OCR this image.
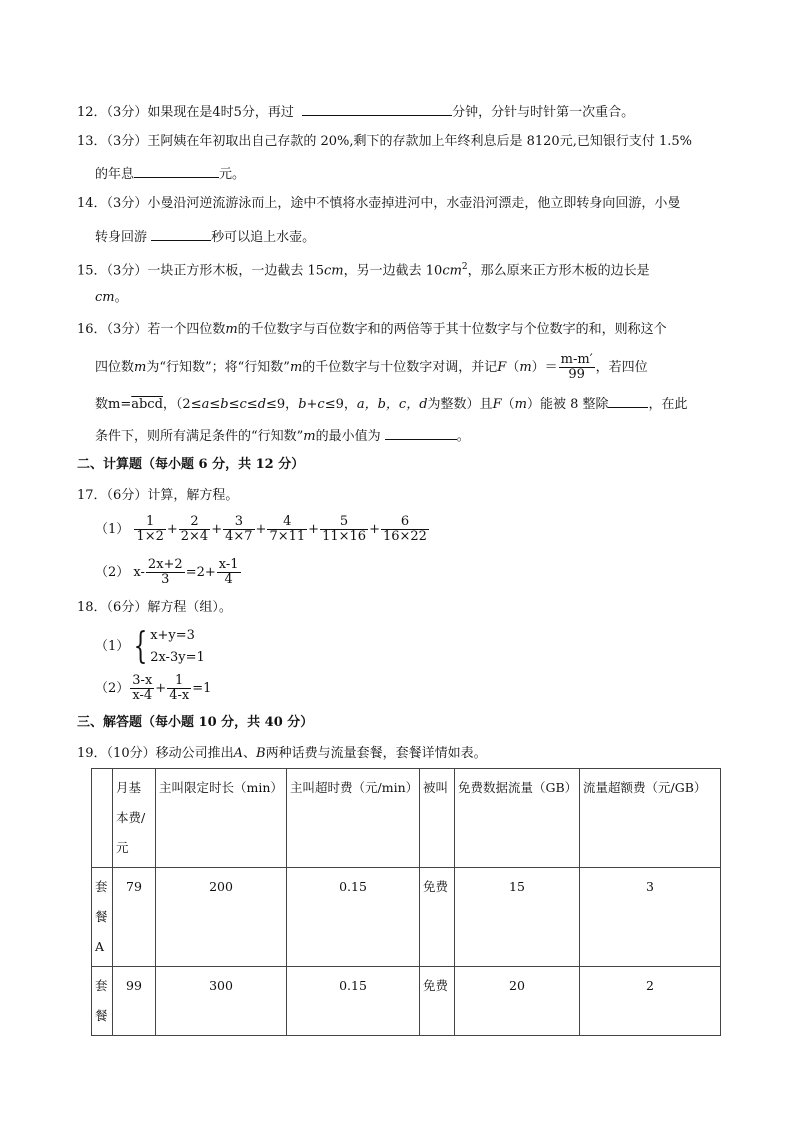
12．（3分）如果现在是4时5分，再过	分钟，分针与时针第一次重合。
13．（3分）王阿姨在年初取出自己存款的 20%,剩下的存款加上年终利息后是 8120元,已知银行支付 1.5%
的年息	元。
14．（3分）小曼沿河逆流游泳而上，途中不慎将水壶掉进河中，水壶沿河漂走，他立即转身向回游，小曼
转身回游	秒可以追上水壶。
15．（3分）一块正方形木板，一边截去 15cm，另一边截去 $10cm^2$，那么原来正方形木板的边长是
cm。
16．（3分）若一个四位数m的千位数字与百位数字和的两倍等于其十位数字与个位数字的和，则称这个
四位数m为“行知数”；将“行知数”m的千位数字与十位数字对调，并记$F(m)= \frac{m-m'}{99}$ ，若四位
数m=abcd，（2≤a≤b≤c≤d≤9，b+c≤9，a，b，c，d为整数）且F（m）能被 8 整除	，在此
条件下，则所有满足条件的“行知数”m的最小值为	。
二、计算题（每小题 6 分，共 12 分）
17．（6分）计算，解方程。
$(1) \frac{1}{1\times 2} + \frac{2}{2\times 4} + \frac{3}{4\times 7} + \frac{4}{7\times 11} + \frac{5}{11\times 16} + \frac{6}{16\times 22}$
（2） $x- \frac{2x+2}{3} =2+ \frac{x-1}{4}$
18．（6分）解方程（组）。
（1） { x+y=3
2x-3y=1
$(2) \frac{3-x}{x-4} + \frac{1}{4-x} =1$
三、解答题（每小题 10 分，共 40 分）
19．（10分）移动公司推出A、B两种话费与流量套餐，套餐详情如表。
	月基本费/元	主叫限定时长（min）	主叫超时费（元/min）	被叫	免费数据流量（GB）	流量超额费（元/GB）
套餐A	79	200	0.15	免费	15	3
套餐	99	300	0.15	免费	20	2
